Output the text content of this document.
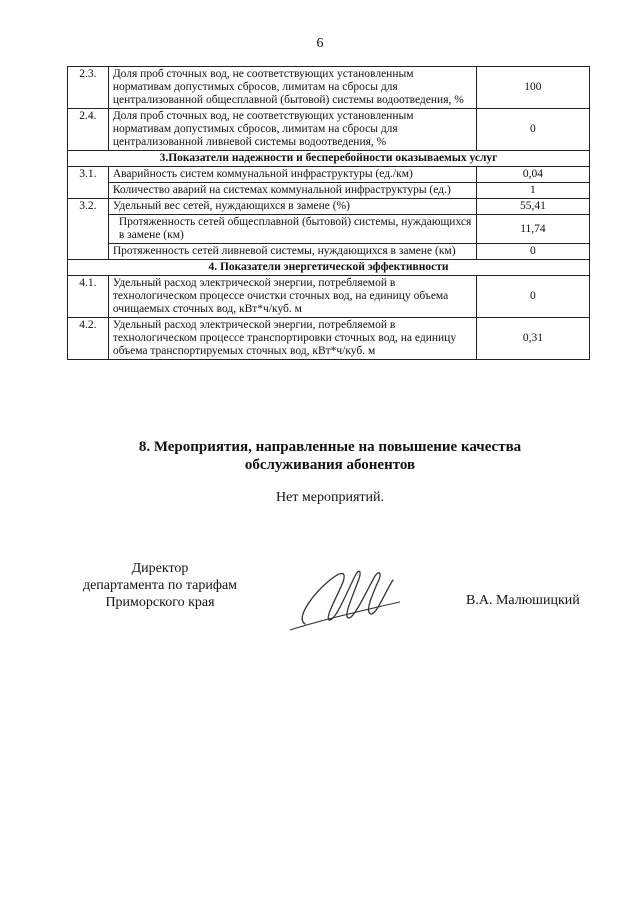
6
2.3.	Доля проб сточных вод, не соответствующих установленным нормативам допустимых сбросов, лимитам на сбросы для централизованной общесплавной (бытовой) системы водоотведения, %	100
2.4.	Доля проб сточных вод, не соответствующих установленным нормативам допустимых сбросов, лимитам на сбросы для централизованной ливневой системы водоотведения, %	0
3.Показатели надежности и бесперебойности оказываемых услуг		
3.1.	Аварийность систем коммунальной инфраструктуры (ед./км)	0,04
	Количество аварий на системах коммунальной инфраструктуры (ед.)	1
3.2.	Удельный вес сетей, нуждающихся в замене (%)	55,41
	Протяженность сетей общесплавной (бытовой) системы, нуждающихся в замене (км)	11,74
	Протяженность сетей ливневой системы, нуждающихся в замене (км)	0
4. Показатели энергетической эффективности		
4.1.	Удельный расход электрической энергии, потребляемой в технологическом процессе очистки сточных вод, на единицу объема очищаемых сточных вод, кВт*ч/куб. м	0
4.2.	Удельный расход электрической энергии, потребляемой в технологическом процессе транспортировки сточных вод, на единицу объема транспортируемых сточных вод, кВт*ч/куб. м	0,31
8. Мероприятия, направленные на повышение качества
обслуживания абонентов
Нет мероприятий.
Директор
департамента по тарифам
Приморского края	В.А. Малюшицкий
